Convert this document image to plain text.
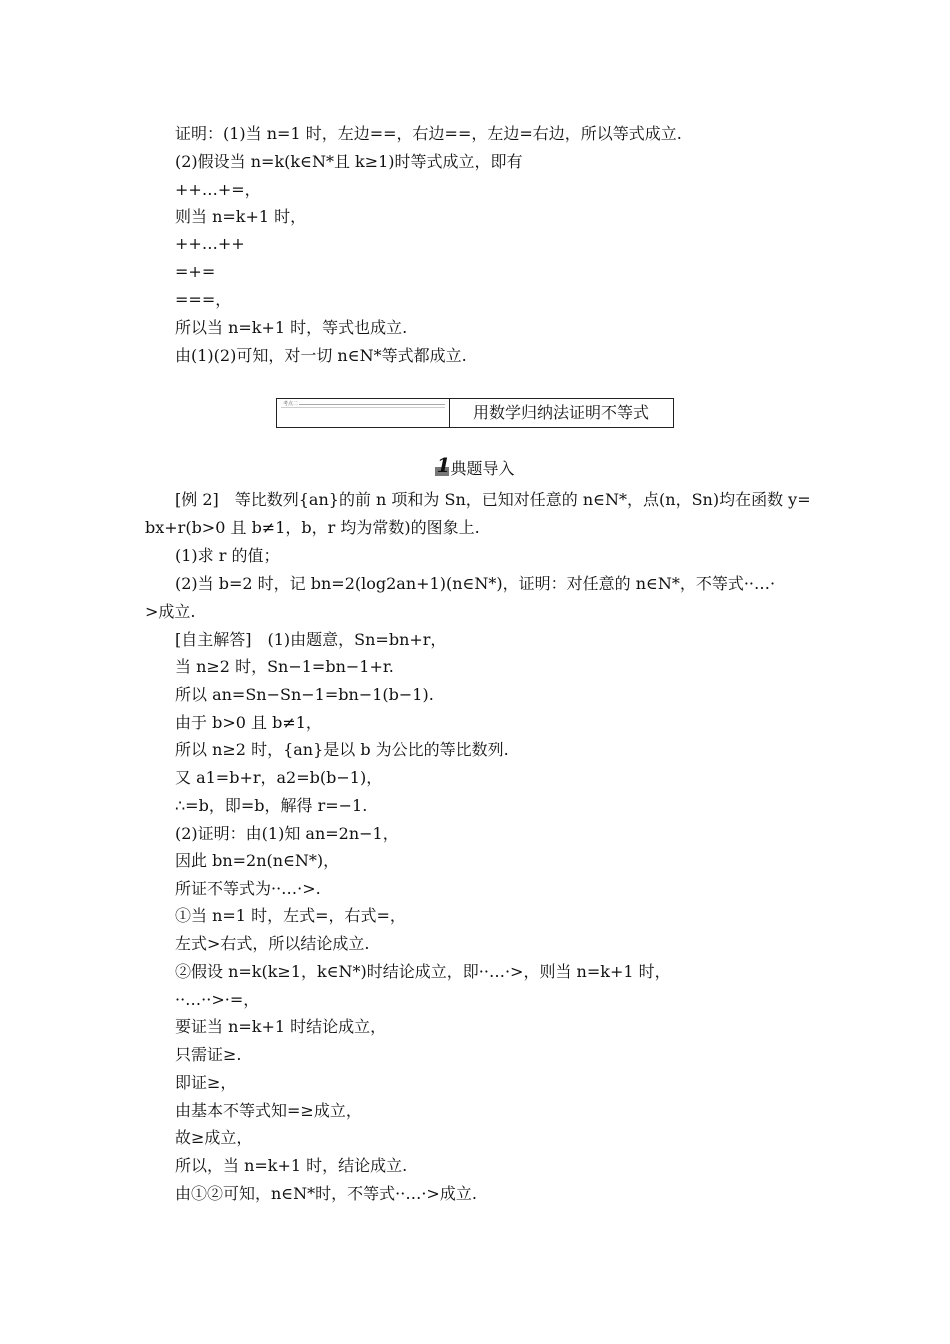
证明：(1)当 n=1 时，左边==，右边==，左边=右边，所以等式成立.
(2)假设当 n=k(k∈N*且 k≥1)时等式成立，即有
++…+=，
则当 n=k+1 时，
++…++
=+=
===，
所以当 n=k+1 时，等式也成立.
由(1)(2)可知，对一切 n∈N*等式都成立.
考点二	用数学归纳法证明不等式
1 典题导入
[例 2]　等比数列{an}的前 n 项和为 Sn，已知对任意的 n∈N*，点(n，Sn)均在函数 y=
bx+r(b>0 且 b≠1，b，r 均为常数)的图象上.
(1)求 r 的值；
(2)当 b=2 时，记 bn=2(log2an+1)(n∈N*)，证明：对任意的 n∈N*，不等式··…·
>成立.
[自主解答]　(1)由题意，Sn=bn+r，
当 n≥2 时，Sn−1=bn−1+r.
所以 an=Sn−Sn−1=bn−1(b−1).
由于 b>0 且 b≠1，
所以 n≥2 时，{an}是以 b 为公比的等比数列.
又 a1=b+r，a2=b(b−1)，
∴=b，即=b，解得 r=−1.
(2)证明：由(1)知 an=2n−1，
因此 bn=2n(n∈N*)，
所证不等式为··…·>.
①当 n=1 时，左式=，右式=，
左式>右式，所以结论成立.
②假设 n=k(k≥1，k∈N*)时结论成立，即··…·>，则当 n=k+1 时，
··…··>·=，
要证当 n=k+1 时结论成立，
只需证≥.
即证≥，
由基本不等式知=≥成立，
故≥成立，
所以，当 n=k+1 时，结论成立.
由①②可知，n∈N*时，不等式··…·>成立.
